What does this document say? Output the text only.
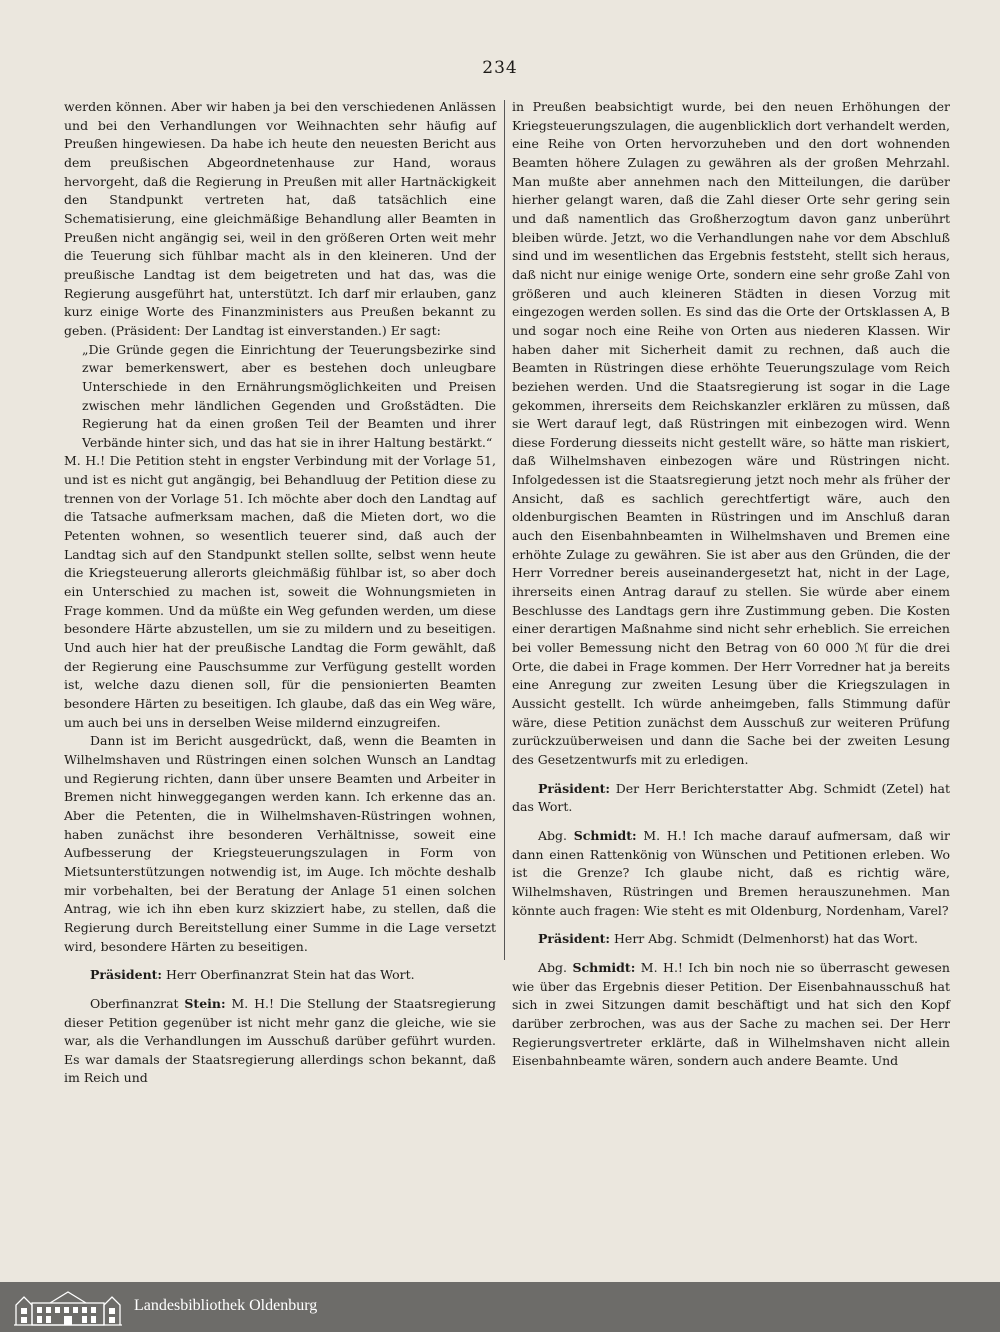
234

werden können. Aber wir haben ja bei den verschiedenen Anlässen und bei den Verhandlungen vor Weihnachten sehr häufig auf Preußen hingewiesen. Da habe ich heute den neuesten Bericht aus dem preußischen Abgeordnetenhause zur Hand, woraus hervorgeht, daß die Regierung in Preußen mit aller Hartnäckigkeit den Standpunkt vertreten hat, daß tatsächlich eine Schematisierung, eine gleichmäßige Behandlung aller Beamten in Preußen nicht angängig sei, weil in den größeren Orten weit mehr die Teuerung sich fühlbar macht als in den kleineren. Und der preußische Landtag ist dem beigetreten und hat das, was die Regierung ausgeführt hat, unterstützt. Ich darf mir erlauben, ganz kurz einige Worte des Finanzministers aus Preußen bekannt zu geben. (Präsident: Der Landtag ist einverstanden.) Er sagt:

„Die Gründe gegen die Einrichtung der Teuerungsbezirke sind zwar bemerkenswert, aber es bestehen doch unleugbare Unterschiede in den Ernährungsmöglichkeiten und Preisen zwischen mehr ländlichen Gegenden und Großstädten. Die Regierung hat da einen großen Teil der Beamten und ihrer Verbände hinter sich, und das hat sie in ihrer Haltung bestärkt.“

M. H.! Die Petition steht in engster Verbindung mit der Vorlage 51, und ist es nicht gut angängig, bei Behandluug der Petition diese zu trennen von der Vorlage 51. Ich möchte aber doch den Landtag auf die Tatsache aufmerksam machen, daß die Mieten dort, wo die Petenten wohnen, so wesentlich teuerer sind, daß auch der Landtag sich auf den Standpunkt stellen sollte, selbst wenn heute die Kriegsteuerung allerorts gleichmäßig fühlbar ist, so aber doch ein Unterschied zu machen ist, soweit die Wohnungsmieten in Frage kommen. Und da müßte ein Weg gefunden werden, um diese besondere Härte abzustellen, um sie zu mildern und zu beseitigen. Und auch hier hat der preußische Landtag die Form gewählt, daß der Regierung eine Pauschsumme zur Verfügung gestellt worden ist, welche dazu dienen soll, für die pensionierten Beamten besondere Härten zu beseitigen. Ich glaube, daß das ein Weg wäre, um auch bei uns in derselben Weise mildernd einzugreifen.

Dann ist im Bericht ausgedrückt, daß, wenn die Beamten in Wilhelmshaven und Rüstringen einen solchen Wunsch an Landtag und Regierung richten, dann über unsere Beamten und Arbeiter in Bremen nicht hinweggegangen werden kann. Ich erkenne das an. Aber die Petenten, die in Wilhelmshaven-Rüstringen wohnen, haben zunächst ihre besonderen Verhältnisse, soweit eine Aufbesserung der Kriegsteuerungszulagen in Form von Mietsunterstützungen notwendig ist, im Auge. Ich möchte deshalb mir vorbehalten, bei der Beratung der Anlage 51 einen solchen Antrag, wie ich ihn eben kurz skizziert habe, zu stellen, daß die Regierung durch Bereitstellung einer Summe in die Lage versetzt wird, besondere Härten zu beseitigen.

Präsident: Herr Oberfinanzrat Stein hat das Wort.

Oberfinanzrat Stein: M. H.! Die Stellung der Staatsregierung dieser Petition gegenüber ist nicht mehr ganz die gleiche, wie sie war, als die Verhandlungen im Ausschuß darüber geführt wurden. Es war damals der Staatsregierung allerdings schon bekannt, daß im Reich und

in Preußen beabsichtigt wurde, bei den neuen Erhöhungen der Kriegsteuerungszulagen, die augenblicklich dort verhandelt werden, eine Reihe von Orten hervorzuheben und den dort wohnenden Beamten höhere Zulagen zu gewähren als der großen Mehrzahl. Man mußte aber annehmen nach den Mitteilungen, die darüber hierher gelangt waren, daß die Zahl dieser Orte sehr gering sein und daß namentlich das Großherzogtum davon ganz unberührt bleiben würde. Jetzt, wo die Verhandlungen nahe vor dem Abschluß sind und im wesentlichen das Ergebnis feststeht, stellt sich heraus, daß nicht nur einige wenige Orte, sondern eine sehr große Zahl von größeren und auch kleineren Städten in diesen Vorzug mit eingezogen werden sollen. Es sind das die Orte der Ortsklassen A, B und sogar noch eine Reihe von Orten aus niederen Klassen. Wir haben daher mit Sicherheit damit zu rechnen, daß auch die Beamten in Rüstringen diese erhöhte Teuerungszulage vom Reich beziehen werden. Und die Staatsregierung ist sogar in die Lage gekommen, ihrerseits dem Reichskanzler erklären zu müssen, daß sie Wert darauf legt, daß Rüstringen mit einbezogen wird. Wenn diese Forderung diesseits nicht gestellt wäre, so hätte man riskiert, daß Wilhelmshaven einbezogen wäre und Rüstringen nicht. Infolgedessen ist die Staatsregierung jetzt noch mehr als früher der Ansicht, daß es sachlich gerechtfertigt wäre, auch den oldenburgischen Beamten in Rüstringen und im Anschluß daran auch den Eisenbahnbeamten in Wilhelmshaven und Bremen eine erhöhte Zulage zu gewähren. Sie ist aber aus den Gründen, die der Herr Vorredner bereis auseinandergesetzt hat, nicht in der Lage, ihrerseits einen Antrag darauf zu stellen. Sie würde aber einem Beschlusse des Landtags gern ihre Zustimmung geben. Die Kosten einer derartigen Maßnahme sind nicht sehr erheblich. Sie erreichen bei voller Bemessung nicht den Betrag von 60 000 ℳ für die drei Orte, die dabei in Frage kommen. Der Herr Vorredner hat ja bereits eine Anregung zur zweiten Lesung über die Kriegszulagen in Aussicht gestellt. Ich würde anheimgeben, falls Stimmung dafür wäre, diese Petition zunächst dem Ausschuß zur weiteren Prüfung zurückzuüberweisen und dann die Sache bei der zweiten Lesung des Gesetzentwurfs mit zu erledigen.

Präsident: Der Herr Berichterstatter Abg. Schmidt (Zetel) hat das Wort.

Abg. Schmidt: M. H.! Ich mache darauf aufmersam, daß wir dann einen Rattenkönig von Wünschen und Petitionen erleben. Wo ist die Grenze? Ich glaube nicht, daß es richtig wäre, Wilhelmshaven, Rüstringen und Bremen herauszunehmen. Man könnte auch fragen: Wie steht es mit Oldenburg, Nordenham, Varel?

Präsident: Herr Abg. Schmidt (Delmenhorst) hat das Wort.

Abg. Schmidt: M. H.! Ich bin noch nie so überrascht gewesen wie über das Ergebnis dieser Petition. Der Eisenbahnausschuß hat sich in zwei Sitzungen damit beschäftigt und hat sich den Kopf darüber zerbrochen, was aus der Sache zu machen sei. Der Herr Regierungsvertreter erklärte, daß in Wilhelmshaven nicht allein Eisenbahnbeamte wären, sondern auch andere Beamte. Und

Landesbibliothek Oldenburg
